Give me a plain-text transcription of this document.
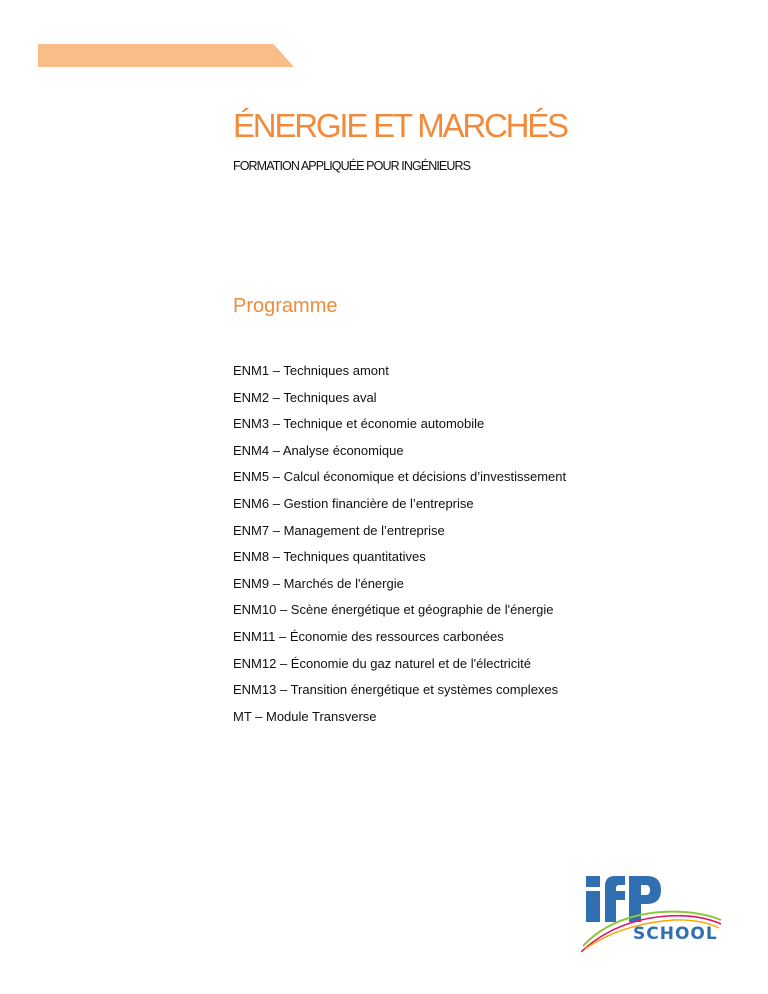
ÉNERGIE ET MARCHÉS
FORMATION APPLIQUÉE POUR INGÉNIEURS
Programme
ENM1 – Techniques amont
ENM2 – Techniques aval
ENM3 – Technique et économie automobile
ENM4 – Analyse économique
ENM5 – Calcul économique et décisions d’investissement
ENM6 – Gestion financière de l’entreprise
ENM7 – Management de l’entreprise
ENM8 – Techniques quantitatives
ENM9 – Marchés de l'énergie
ENM10 – Scène énergétique et géographie de l'énergie
ENM11 – Économie des ressources carbonées
ENM12 – Économie du gaz naturel et de l'électricité
ENM13 – Transition énergétique et systèmes complexes
MT – Module Transverse
SCHOOL
